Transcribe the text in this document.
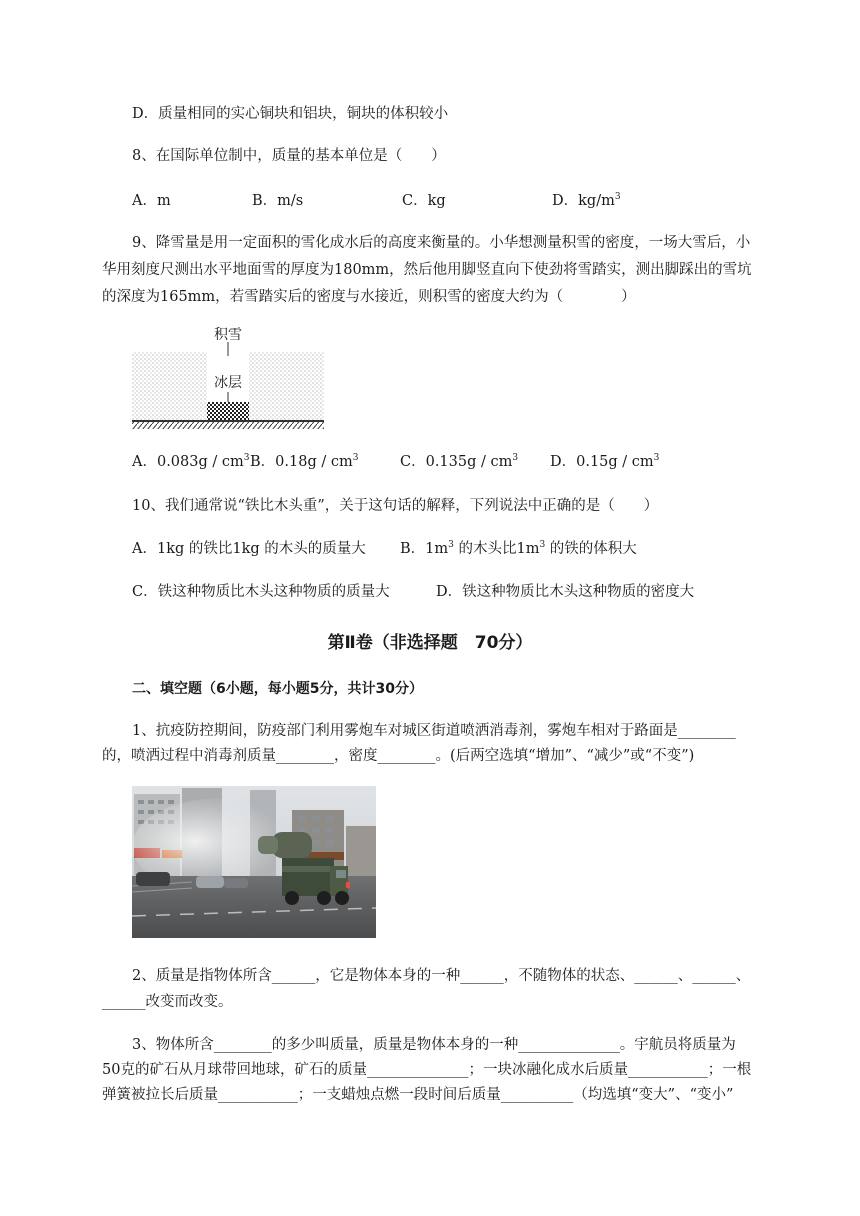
D．质量相同的实心铜块和铝块，铜块的体积较小
8、在国际单位制中，质量的基本单位是（　　）
A．m	B．m/s	C．kg	D．$kg/m^3$
9、降雪量是用一定面积的雪化成水后的高度来衡量的。小华想测量积雪的密度，一场大雪后，小
华用刻度尺测出水平地面雪的厚度为180mm，然后他用脚竖直向下使劲将雪踏实，测出脚踩出的雪坑
的深度为165mm，若雪踏实后的密度与水接近，则积雪的密度大约为（　　　　）
积雪
冰层
A．$0.083g / cm^3$ B．$0.18g / cm^3$	C．$0.135g / cm^3$ D．$0.15g / cm^3$
10、我们通常说“铁比木头重”，关于这句话的解释，下列说法中正确的是（　　）
A．1kg 的铁比1kg 的木头的质量大 B．$1m^3$ 的木头比$1m^3$ 的铁的体积大
C．铁这种物质比木头这种物质的质量大	D．铁这种物质比木头这种物质的密度大
第Ⅱ卷（非选择题　70分）
二、填空题（6小题，每小题5分，共计30分）
1、抗疫防控期间，防疫部门利用雾炮车对城区街道喷洒消毒剂，雾炮车相对于路面是________
的，喷洒过程中消毒剂质量________，密度________。(后两空选填“增加”、“减少”或“不变”)
2、质量是指物体所含______，它是物体本身的一种______，不随物体的状态、______、______、
______改变而改变。
3、物体所含________的多少叫质量，质量是物体本身的一种______________。宇航员将质量为
50克的矿石从月球带回地球，矿石的质量______________；一块冰融化成水后质量___________；一根
弹簧被拉长后质量___________；一支蜡烛点燃一段时间后质量__________（均选填“变大”、“变小”
